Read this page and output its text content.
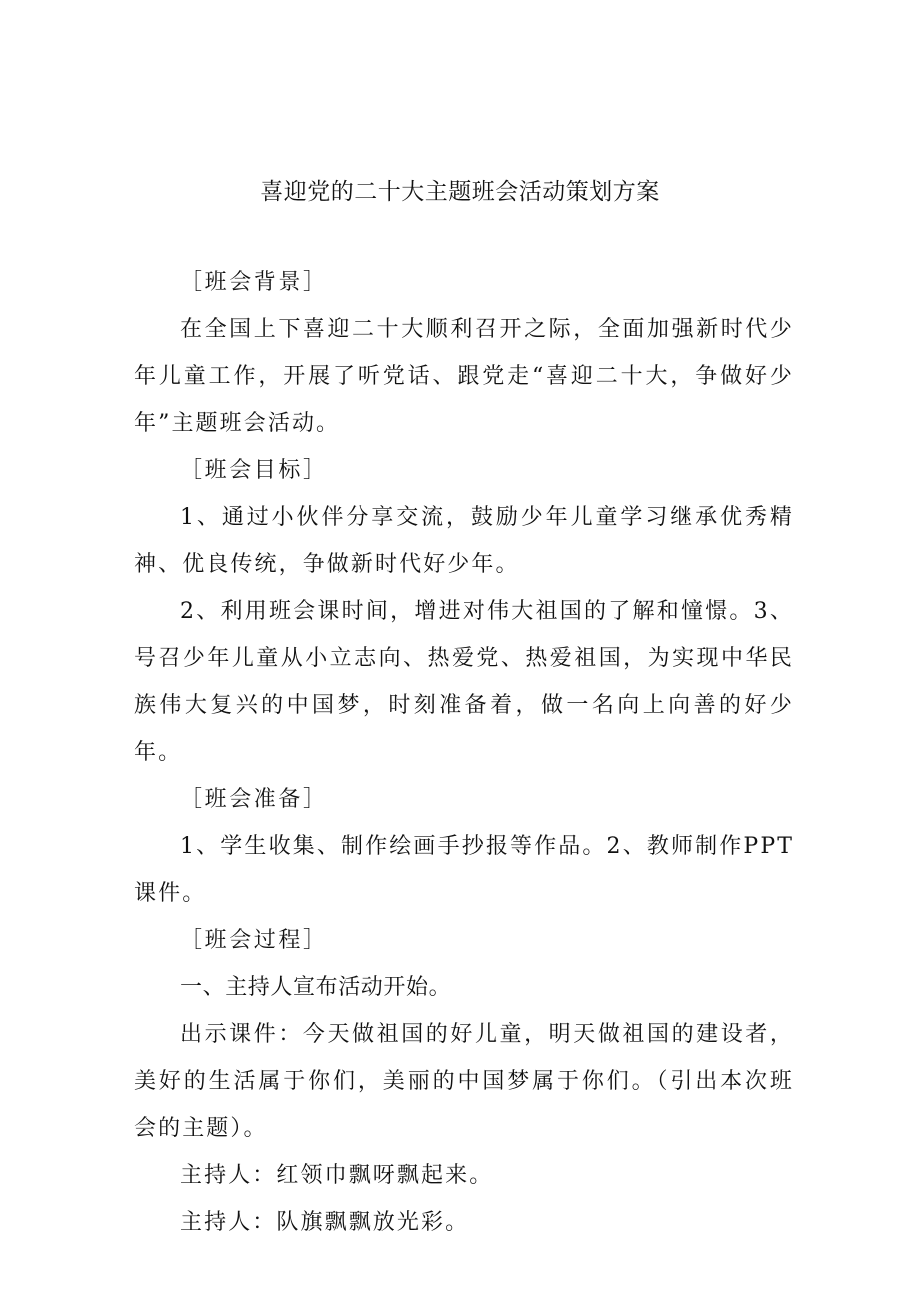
喜迎党的二十大主题班会活动策划方案

［班会背景］

在全国上下喜迎二十大顺利召开之际，全面加强新时代少年儿童工作，开展了听党话、跟党走“喜迎二十大，争做好少年”主题班会活动。

［班会目标］

1、通过小伙伴分享交流，鼓励少年儿童学习继承优秀精神、优良传统，争做新时代好少年。

2、利用班会课时间，增进对伟大祖国的了解和憧憬。3、号召少年儿童从小立志向、热爱党、热爱祖国，为实现中华民族伟大复兴的中国梦，时刻准备着，做一名向上向善的好少年。

［班会准备］

1、学生收集、制作绘画手抄报等作品。2、教师制作PPT课件。

［班会过程］

一、主持人宣布活动开始。

出示课件：今天做祖国的好儿童，明天做祖国的建设者，美好的生活属于你们，美丽的中国梦属于你们。（引出本次班会的主题）。

主持人：红领巾飘呀飘起来。

主持人：队旗飘飘放光彩。
